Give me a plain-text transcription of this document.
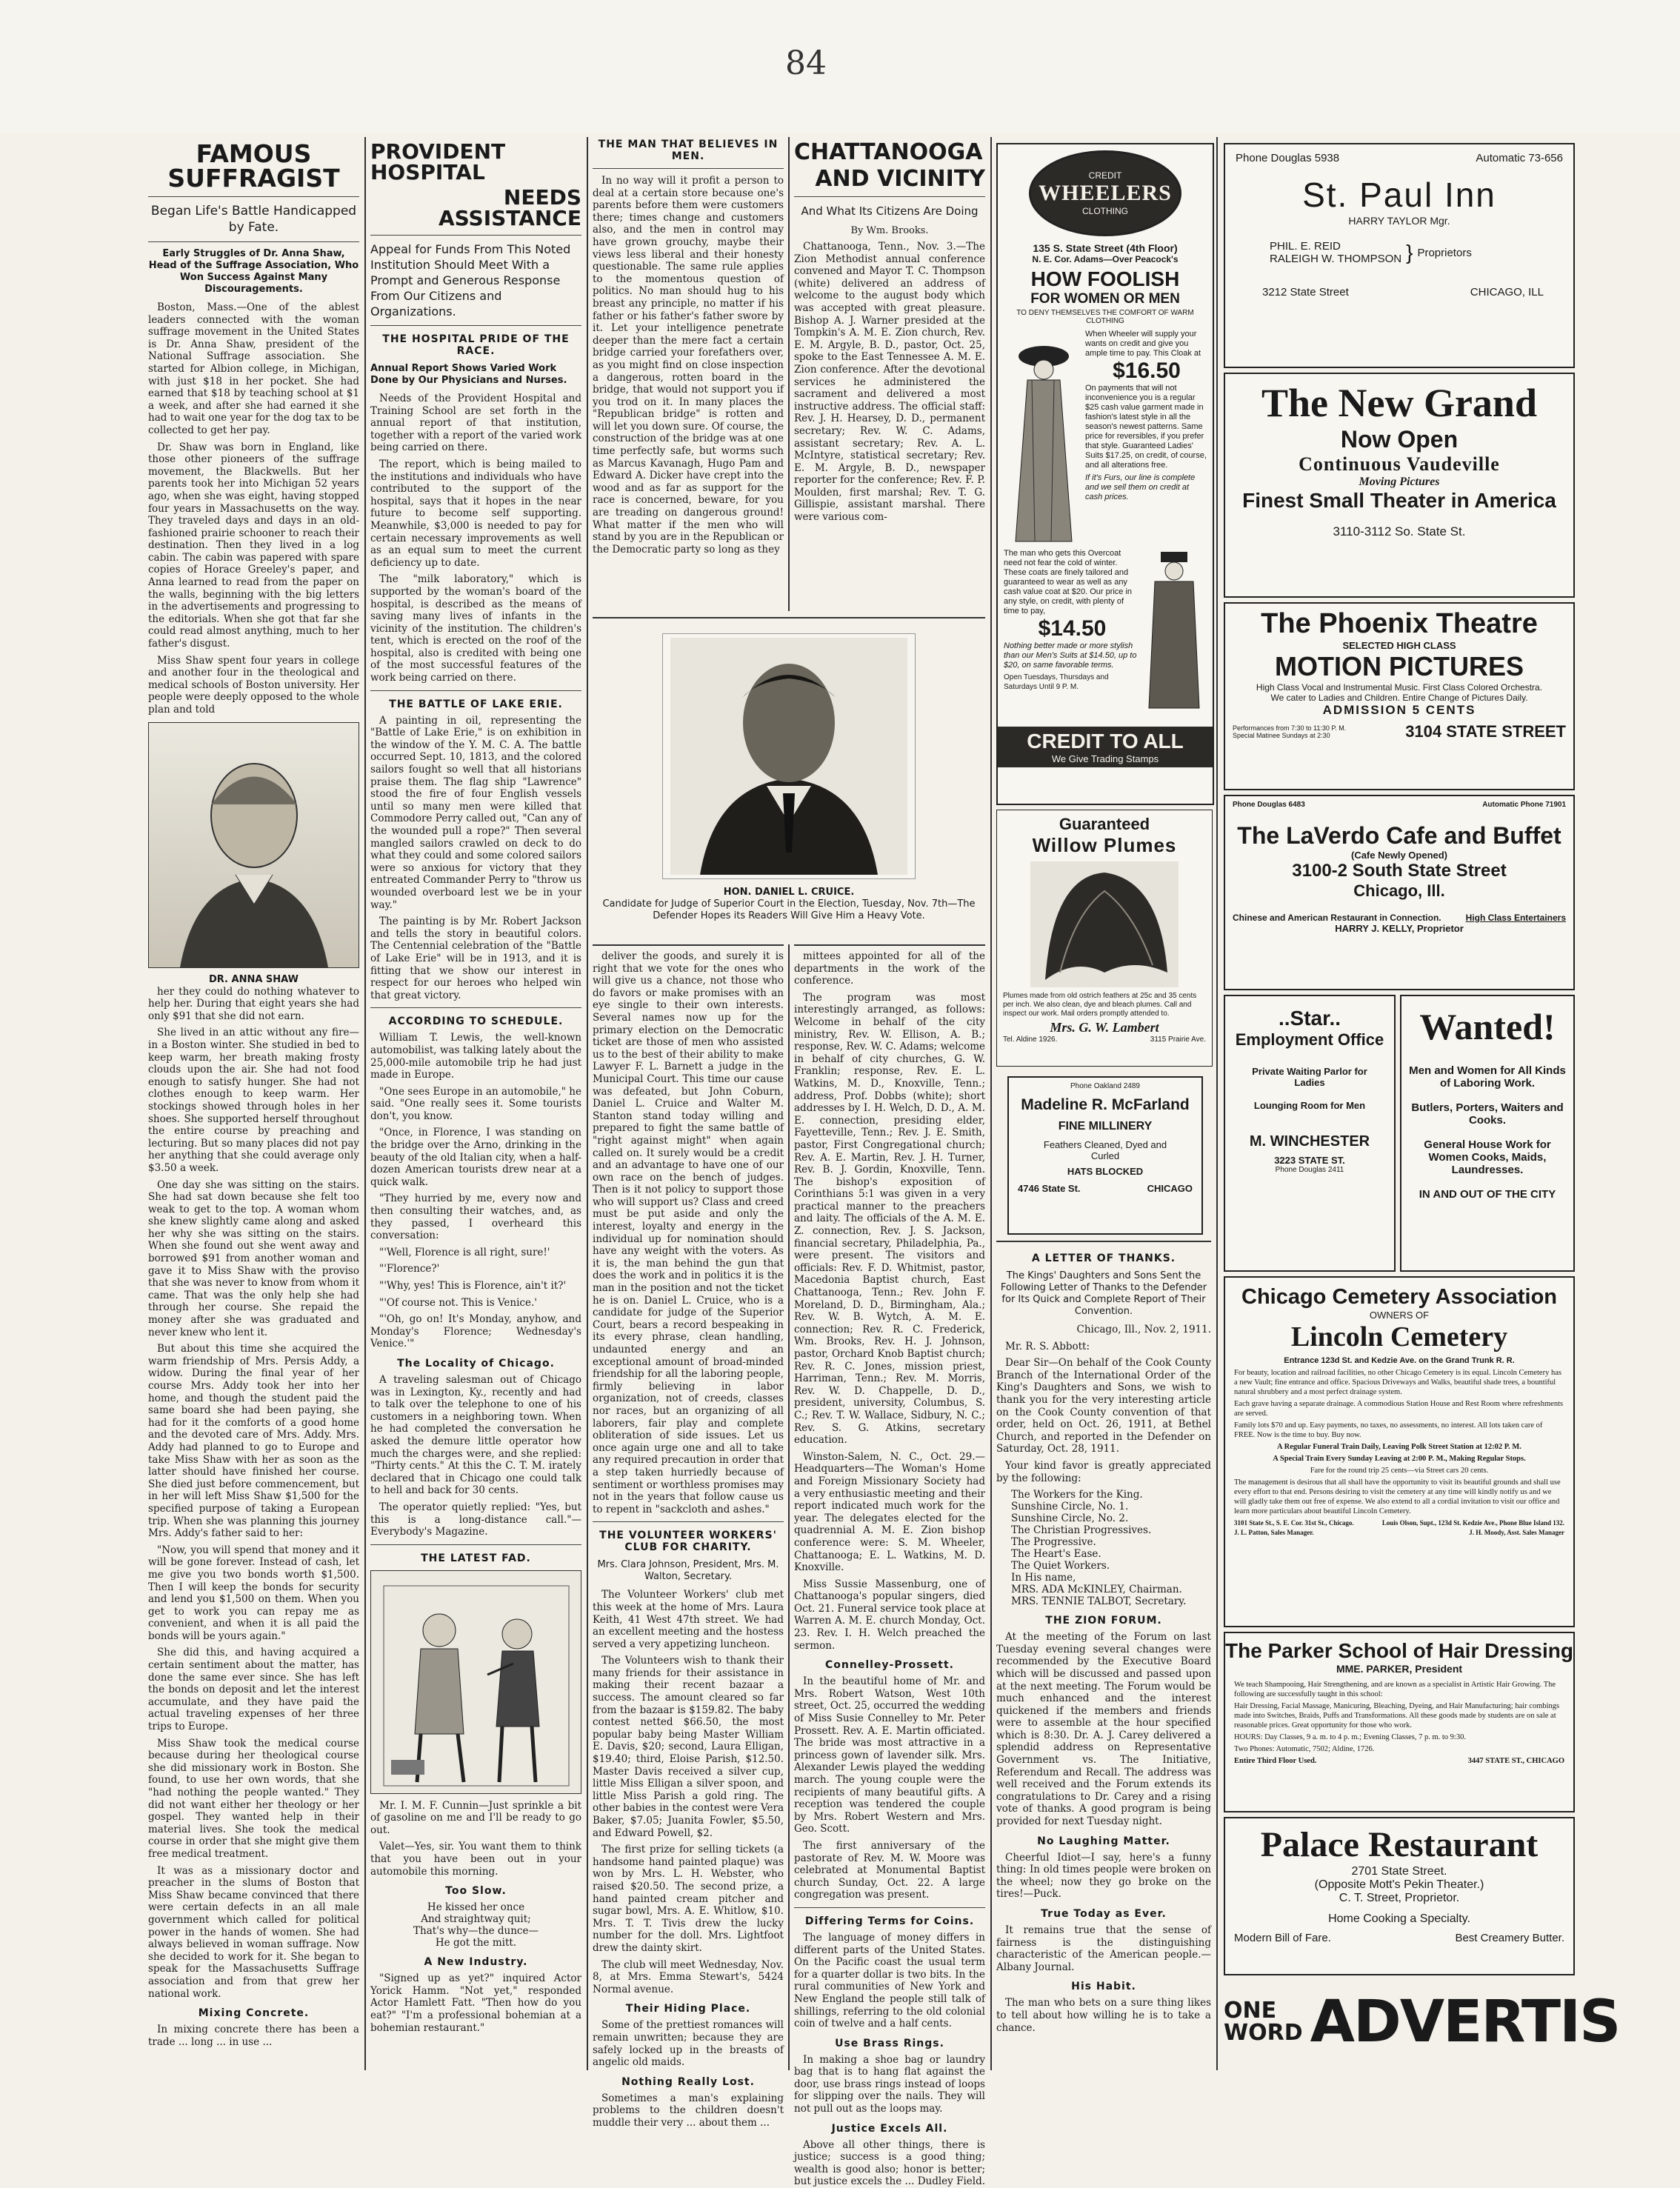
84
FAMOUS SUFFRAGIST
Began Life's Battle Handicapped by Fate.
Early Struggles of Dr. Anna Shaw, Head of the Suffrage Association, Who Won Success Against Many Discouragements.

Boston, Mass.—One of the ablest leaders connected with the woman suffrage movement in the United States is Dr. Anna Shaw, president of the National Suffrage association. She started for Albion college, in Michigan, with just $18 in her pocket. She had earned that $18 by teaching school at $1 a week, and after she had earned it she had to wait one year for the dog tax to be collected to get her pay.

Dr. Shaw was born in England, like those other pioneers of the suffrage movement, the Blackwells. But her parents took her into Michigan 52 years ago, when she was eight, having stopped four years in Massachusetts on the way. They traveled days and days in an old-fashioned prairie schooner to reach their destination. Then they lived in a log cabin. The cabin was papered with spare copies of Horace Greeley's paper, and Anna learned to read from the paper on the walls, beginning with the big letters in the advertisements and progressing to the editorials. When she got that far she could read almost anything, much to her father's disgust.

Miss Shaw spent four years in college and another four in the theological and medical schools of Boston university. Her people were deeply opposed to the whole plan and told

DR. ANNA SHAW

her they could do nothing whatever to help her. During that eight years she had only $91 that she did not earn.

She lived in an attic without any fire—in a Boston winter. She studied in bed to keep warm, her breath making frosty clouds upon the air. She had not food enough to satisfy hunger. She had not clothes enough to keep warm. Her stockings showed through holes in her shoes. She supported herself throughout the entire course by preaching and lecturing. But so many places did not pay her anything that she could average only $3.50 a week.

One day she was sitting on the stairs. She had sat down because she felt too weak to get to the top. A woman whom she knew slightly came along and asked her why she was sitting on the stairs. When she found out she went away and borrowed $91 from another woman and gave it to Miss Shaw with the proviso that she was never to know from whom it came. That was the only help she had through her course. She repaid the money after she was graduated and never knew who lent it.

But about this time she acquired the warm friendship of Mrs. Persis Addy, a widow. During the final year of her course Mrs. Addy took her into her home, and though the student paid the same board she had been paying, she had for it the comforts of a good home and the devoted care of Mrs. Addy. Mrs. Addy had planned to go to Europe and take Miss Shaw with her as soon as the latter should have finished her course. She died just before commencement, but in her will left Miss Shaw $1,500 for the specified purpose of taking a European trip. When she was planning this journey Mrs. Addy's father said to her:

"Now, you will spend that money and it will be gone forever. Instead of cash, let me give you two bonds worth $1,500. Then I will keep the bonds for security and lend you $1,500 on them. When you get to work you can repay me as convenient, and when it is all paid the bonds will be yours again."

She did this, and having acquired a certain sentiment about the matter, has done the same ever since. She has left the bonds on deposit and let the interest accumulate, and they have paid the actual traveling expenses of her three trips to Europe.

Miss Shaw took the medical course because during her theological course she did missionary work in Boston. She found, to use her own words, that she "had nothing the people wanted." They did not want either her theology or her gospel. They wanted help in their material lives. She took the medical course in order that she might give them free medical treatment.

It was as a missionary doctor and preacher in the slums of Boston that Miss Shaw became convinced that there were certain defects in an all male government which called for political power in the hands of women. She had always believed in woman suffrage. Now she decided to work for it. She began to speak for the Massachusetts Suffrage association and from that grew her national work.

Mixing Concrete.

In mixing concrete there has been a trade ... long ... in use ...

PROVIDENT HOSPITAL
NEEDS ASSISTANCE
Appeal for Funds From This Noted Institution Should Meet With a Prompt and Generous Response From Our Citizens and Organizations.
THE HOSPITAL PRIDE OF THE RACE.
Annual Report Shows Varied Work Done by Our Physicians and Nurses.

Needs of the Provident Hospital and Training School are set forth in the annual report of that institution, together with a report of the varied work being carried on there.

The report, which is being mailed to the institutions and individuals who have contributed to the support of the hospital, says that it hopes in the near future to become self supporting. Meanwhile, $3,000 is needed to pay for certain necessary improvements as well as an equal sum to meet the current deficiency up to date.

The "milk laboratory," which is supported by the woman's board of the hospital, is described as the means of saving many lives of infants in the vicinity of the institution. The children's tent, which is erected on the roof of the hospital, also is credited with being one of the most successful features of the work being carried on there.

THE BATTLE OF LAKE ERIE.

A painting in oil, representing the "Battle of Lake Erie," is on exhibition in the window of the Y. M. C. A. The battle occurred Sept. 10, 1813, and the colored sailors fought so well that all historians praise them. The flag ship "Lawrence" stood the fire of four English vessels until so many men were killed that Commodore Perry called out, "Can any of the wounded pull a rope?" Then several mangled sailors crawled on deck to do what they could and some colored sailors were so anxious for victory that they entreated Commander Perry to "throw us wounded overboard lest we be in your way."

The painting is by Mr. Robert Jackson and tells the story in beautiful colors. The Centennial celebration of the "Battle of Lake Erie" will be in 1913, and it is fitting that we show our interest in respect for our heroes who helped win that great victory.

ACCORDING TO SCHEDULE.

William T. Lewis, the well-known automobilist, was talking lately about the 25,000-mile automobile trip he had just made in Europe.

"One sees Europe in an automobile," he said. "One really sees it. Some tourists don't, you know.

"Once, in Florence, I was standing on the bridge over the Arno, drinking in the beauty of the old Italian city, when a half-dozen American tourists drew near at a quick walk.

"They hurried by me, every now and then consulting their watches, and, as they passed, I overheard this conversation:

"'Well, Florence is all right, sure!'

"'Florence?'

"'Why, yes! This is Florence, ain't it?'

"'Of course not. This is Venice.'

"'Oh, go on! It's Monday, anyhow, and Monday's Florence; Wednesday's Venice.'"

The Locality of Chicago.

A traveling salesman out of Chicago was in Lexington, Ky., recently and had to talk over the telephone to one of his customers in a neighboring town. When he had completed the conversation he asked the demure little operator how much the charges were, and she replied: "Thirty cents." At this the C. T. M. irately declared that in Chicago one could talk to hell and back for 30 cents.

The operator quietly replied: "Yes, but this is a long-distance call."—Everybody's Magazine.

THE LATEST FAD.

Mr. I. M. F. Cunnin—Just sprinkle a bit of gasoline on me and I'll be ready to go out.

Valet—Yes, sir. You want them to think that you have been out in your automobile this morning.

Too Slow.
He kissed her once
And straightway quit;
That's why—the dunce—
He got the mitt.
A New Industry.

"Signed up as yet?" inquired Actor Yorick Hamm. "Not yet," responded Actor Hamlett Fatt. "Then how do you eat?" "I'm a professional bohemian at a bohemian restaurant."

THE MAN THAT BELIEVES IN MEN.

In no way will it profit a person to deal at a certain store because one's parents before them were customers there; times change and customers also, and the men in control may have grown grouchy, maybe their views less liberal and their honesty questionable. The same rule applies to the momentous question of politics. No man should hug to his breast any principle, no matter if his father or his father's father swore by it. Let your intelligence penetrate deeper than the mere fact a certain bridge carried your forefathers over, as you might find on close inspection a dangerous, rotten board in the bridge, that would not support you if you trod on it. In many places the "Republican bridge" is rotten and will let you down sure. Of course, the construction of the bridge was at one time perfectly safe, but worms such as Marcus Kavanagh, Hugo Pam and Edward A. Dicker have crept into the wood and as far as support for the race is concerned, beware, for you are treading on dangerous ground! What matter if the men who will stand by you are in the Republican or the Democratic party so long as they

CHATTANOOGA
AND VICINITY
And What Its Citizens Are Doing
By Wm. Brooks.

Chattanooga, Tenn., Nov. 3.—The Zion Methodist annual conference convened and Mayor T. C. Thompson (white) delivered an address of welcome to the august body which was accepted with great pleasure. Bishop A. J. Warner presided at the Tompkin's A. M. E. Zion church, Rev. E. M. Argyle, B. D., pastor, Oct. 25, spoke to the East Tennessee A. M. E. Zion conference. After the devotional services he administered the sacrament and delivered a most instructive address. The official staff: Rev. J. H. Hearsey, D. D., permanent secretary; Rev. W. C. Adams, assistant secretary; Rev. A. L. McIntyre, statistical secretary; Rev. E. M. Argyle, B. D., newspaper reporter for the conference; Rev. F. P. Moulden, first marshal; Rev. T. G. Gillispie, assistant marshal. There were various com-

HON. DANIEL L. CRUICE.
Candidate for Judge of Superior Court in the Election, Tuesday, Nov. 7th—The Defender Hopes its Readers Will Give Him a Heavy Vote.

deliver the goods, and surely it is right that we vote for the ones who will give us a chance, not those who do favors or make promises with an eye single to their own interests. Several names now up for the primary election on the Democratic ticket are those of men who assisted us to the best of their ability to make Lawyer F. L. Barnett a judge in the Municipal Court. This time our cause was defeated, but John Coburn, Daniel L. Cruice and Walter M. Stanton stand today willing and prepared to fight the same battle of "right against might" when again called on. It surely would be a credit and an advantage to have one of our own race on the bench of judges. Then is it not policy to support those who will support us? Class and creed must be put aside and only the interest, loyalty and energy in the individual up for nomination should have any weight with the voters. As it is, the man behind the gun that does the work and in politics it is the man in the position and not the ticket he is on. Daniel L. Cruice, who is a candidate for judge of the Superior Court, bears a record bespeaking in its every phrase, clean handling, undaunted energy and an exceptional amount of broad-minded friendship for all the laboring people, firmly believing in labor organization, not of creeds, classes nor races, but an organizing of all laborers, fair play and complete obliteration of side issues. Let us once again urge one and all to take any required precaution in order that a step taken hurriedly because of sentiment or worthless promises may not in the years that follow cause us to repent in "sackcloth and ashes."

THE VOLUNTEER WORKERS' CLUB FOR CHARITY.
Mrs. Clara Johnson, President, Mrs. M. Walton, Secretary.

The Volunteer Workers' club met this week at the home of Mrs. Laura Keith, 41 West 47th street. We had an excellent meeting and the hostess served a very appetizing luncheon.

The Volunteers wish to thank their many friends for their assistance in making their recent bazaar a success. The amount cleared so far from the bazaar is $159.82. The baby contest netted $66.50, the most popular baby being Master William E. Davis, $20; second, Laura Elligan, $19.40; third, Eloise Parish, $12.50. Master Davis received a silver cup, little Miss Elligan a silver spoon, and little Miss Parish a gold ring. The other babies in the contest were Vera Baker, $7.05; Juanita Fowler, $5.50, and Edward Powell, $2.

The first prize for selling tickets (a handsome hand painted plaque) was won by Mrs. L. H. Webster, who raised $20.50. The second prize, a hand painted cream pitcher and sugar bowl, Mrs. A. E. Whitlow, $10. Mrs. T. T. Tivis drew the lucky number for the doll. Mrs. Lightfoot drew the dainty skirt.

The club will meet Wednesday, Nov. 8, at Mrs. Emma Stewart's, 5424 Normal avenue.

Their Hiding Place.

Some of the prettiest romances will remain unwritten; because they are safely locked up in the breasts of angelic old maids.

Nothing Really Lost.

Sometimes a man's explaining problems to the children doesn't muddle their very ... about them ...

mittees appointed for all of the departments in the work of the conference.

The program was most interestingly arranged, as follows: Welcome in behalf of the city ministry, Rev. W. Ellison, A. B.; response, Rev. W. C. Adams; welcome in behalf of city churches, G. W. Franklin; response, Rev. E. L. Watkins, M. D., Knoxville, Tenn.; address, Prof. Dobbs (white); short addresses by I. H. Welch, D. D., A. M. E. connection, presiding elder, Fayetteville, Tenn.; Rev. J. E. Smith, pastor, First Congregational church; Rev. A. E. Martin, Rev. J. H. Turner, Rev. B. J. Gordin, Knoxville, Tenn. The bishop's exposition of Corinthians 5:1 was given in a very practical manner to the preachers and laity. The officials of the A. M. E. Z. connection, Rev. J. S. Jackson, financial secretary, Philadelphia, Pa., were present. The visitors and officials: Rev. F. D. Whitmist, pastor, Macedonia Baptist church, East Chattanooga, Tenn.; Rev. John F. Moreland, D. D., Birmingham, Ala.; Rev. W. B. Wytch, A. M. E. connection; Rev. R. C. Frederick, Wm. Brooks, Rev. H. J. Johnson, pastor, Orchard Knob Baptist church; Rev. R. C. Jones, mission priest, Harriman, Tenn.; Rev. M. Morris, Rev. W. D. Chappelle, D. D., president, university, Columbus, S. C.; Rev. T. W. Wallace, Sidbury, N. C.; Rev. S. G. Atkins, secretary education.

Winston-Salem, N. C., Oct. 29.—Headquarters—The Woman's Home and Foreign Missionary Society had a very enthusiastic meeting and their report indicated much work for the year. The delegates elected for the quadrennial A. M. E. Zion bishop conference were: S. M. Wheeler, Chattanooga; E. L. Watkins, M. D. Knoxville.

Miss Sussie Massenburg, one of Chattanooga's popular singers, died Oct. 21. Funeral service took place at Warren A. M. E. church Monday, Oct. 23. Rev. I. H. Welch preached the sermon.

Connelley-Prossett.

In the beautiful home of Mr. and Mrs. Robert Watson, West 10th street, Oct. 25, occurred the wedding of Miss Susie Connelley to Mr. Peter Prossett. Rev. A. E. Martin officiated. The bride was most attractive in a princess gown of lavender silk. Mrs. Alexander Lewis played the wedding march. The young couple were the recipients of many beautiful gifts. A reception was tendered the couple by Mrs. Robert Western and Mrs. Geo. Scott.

The first anniversary of the pastorate of Rev. M. W. Moore was celebrated at Monumental Baptist church Sunday, Oct. 22. A large congregation was present.

Differing Terms for Coins.

The language of money differs in different parts of the United States. On the Pacific coast the usual term for a quarter dollar is two bits. In the rural communities of New York and New England the people still talk of shillings, referring to the old colonial coin of twelve and a half cents.

Use Brass Rings.

In making a shoe bag or laundry bag that is to hang flat against the door, use brass rings instead of loops for slipping over the nails. They will not pull out as the loops may.

Justice Excels All.

Above all other things, there is justice; success is a good thing; wealth is good also; honor is better; but justice excels the ... Dudley Field.

CREDIT
WHEELERS
CLOTHING
135 S. State Street (4th Floor)
N. E. Cor. Adams—Over Peacock's
HOW FOOLISH
FOR WOMEN OR MEN
TO DENY THEMSELVES THE COMFORT OF WARM CLOTHING
When Wheeler will supply your wants on credit and give you ample time to pay. This Cloak at
$16.50
On payments that will not inconvenience you is a regular $25 cash value garment made in fashion's latest style in all the season's newest patterns. Same price for reversibles, if you prefer that style. Guaranteed Ladies' Suits $17.25, on credit, of course, and all alterations free.
If it's Furs, our line is complete and we sell them on credit at cash prices.
The man who gets this Overcoat need not fear the cold of winter. These coats are finely tailored and guaranteed to wear as well as any cash value coat at $20. Our price in any style, on credit, with plenty of time to pay,
$14.50
Nothing better made or more stylish than our Men's Suits at $14.50, up to $20, on same favorable terms.
Open Tuesdays, Thursdays and Saturdays Until 9 P. M.
CREDIT TO ALL
We Give Trading Stamps
Guaranteed
Willow Plumes
Plumes made from old ostrich feathers at 25c and 35 cents per inch. We also clean, dye and bleach plumes. Call and inspect our work. Mail orders promptly attended to.
Mrs. G. W. Lambert
Tel. Aldine 1926.	3115 Prairie Ave.
Phone Oakland 2489
Madeline R. McFarland
FINE MILLINERY
Feathers Cleaned, Dyed and Curled
HATS BLOCKED
4746 State St.	CHICAGO
A LETTER OF THANKS.
The Kings' Daughters and Sons Sent the Following Letter of Thanks to the Defender for Its Quick and Complete Report of Their Convention.

Chicago, Ill., Nov. 2, 1911.

Mr. R. S. Abbott:

Dear Sir—On behalf of the Cook County Branch of the International Order of the King's Daughters and Sons, we wish to thank you for the very interesting article on the Cook County convention of that order, held on Oct. 26, 1911, at Bethel Church, and reported in the Defender on Saturday, Oct. 28, 1911.

Your kind favor is greatly appreciated by the following:

The Workers for the King.
Sunshine Circle, No. 1.
Sunshine Circle, No. 2.
The Christian Progressives.
The Progressive.
The Heart's Ease.
The Quiet Workers.
In His name,
MRS. ADA McKINLEY, Chairman.
MRS. TENNIE TALBOT, Secretary.
THE ZION FORUM.

At the meeting of the Forum on last Tuesday evening several changes were recommended by the Executive Board which will be discussed and passed upon at the next meeting. The Forum would be much enhanced and the interest quickened if the members and friends were to assemble at the hour specified which is 8:30. Dr. A. J. Carey delivered a splendid address on Representative Government vs. The Initiative, Referendum and Recall. The address was well received and the Forum extends its congratulations to Dr. Carey and a rising vote of thanks. A good program is being provided for next Tuesday night.

No Laughing Matter.

Cheerful Idiot—I say, here's a funny thing: In old times people were broken on the wheel; now they go broke on the tires!—Puck.

True Today as Ever.

It remains true that the sense of fairness is the distinguishing characteristic of the American people.—Albany Journal.

His Habit.

The man who bets on a sure thing likes to tell about how willing he is to take a chance.

Phone Douglas 5938	Automatic 73-656
St. Paul Inn
HARRY TAYLOR Mgr.
PHIL. E. REID
RALEIGH W. THOMPSON } Proprietors
3212 State Street	CHICAGO, ILL
The New Grand
Now Open
Continuous Vaudeville
Moving Pictures
Finest Small Theater in America
3110-3112 So. State St.
The Phoenix Theatre
SELECTED HIGH CLASS
MOTION PICTURES
High Class Vocal and Instrumental Music. First Class Colored Orchestra.
We cater to Ladies and Children. Entire Change of Pictures Daily.
ADMISSION 5 CENTS
Performances from 7:30 to 11:30 P. M. Special Matinee Sundays at 2:30	3104 STATE STREET
Phone Douglas 6483	Automatic Phone 71901
The LaVerdo Cafe and Buffet
(Cafe Newly Opened)
3100-2 South State Street
Chicago, Ill.
Chinese and American Restaurant in Connection.	High Class Entertainers
HARRY J. KELLY, Proprietor
..Star..
Employment Office
Private Waiting Parlor for Ladies
Lounging Room for Men
M. WINCHESTER
3223 STATE ST.
Phone Douglas 2411
Wanted!
Men and Women for All Kinds of Laboring Work.
Butlers, Porters, Waiters and Cooks.
General House Work for Women Cooks, Maids, Laundresses.
IN AND OUT OF THE CITY
Chicago Cemetery Association
OWNERS OF
Lincoln Cemetery
Entrance 123d St. and Kedzie Ave. on the Grand Trunk R. R.

For beauty, location and railroad facilities, no other Chicago Cemetery is its equal. Lincoln Cemetery has a new Vault; fine entrance and office. Spacious Driveways and Walks, beautiful shade trees, a bountiful natural shrubbery and a most perfect drainage system.

Each grave having a separate drainage. A commodious Station House and Rest Room where refreshments are served.

Family lots $70 and up. Easy payments, no taxes, no assessments, no interest. All lots taken care of FREE. Now is the time to buy. Buy now.

A Regular Funeral Train Daily, Leaving Polk Street Station at 12:02 P. M.

A Special Train Every Sunday Leaving at 2:00 P. M., Making Regular Stops.

Fare for the round trip 25 cents—via Street cars 20 cents.

The management is desirous that all shall have the opportunity to visit its beautiful grounds and shall use every effort to that end. Persons desiring to visit the cemetery at any time will kindly notify us and we will gladly take them out free of expense. We also extend to all a cordial invitation to visit our office and learn more particulars about beautiful Lincoln Cemetery.

3101 State St., S. E. Cor. 31st St., Chicago.	Louis Olson, Supt., 123d St. Kedzie Ave., Phone Blue Island 132.
J. L. Patton, Sales Manager.	J. H. Moody, Asst. Sales Manager
The Parker School of Hair Dressing
MME. PARKER, President

We teach Shampooing, Hair Strengthening, and are known as a specialist in Artistic Hair Growing. The following are successfully taught in this school:

Hair Dressing, Facial Massage, Manicuring, Bleaching, Dyeing, and Hair Manufacturing; hair combings made into Switches, Braids, Puffs and Transformations. All these goods made by students are on sale at reasonable prices. Great opportunity for those who work.

HOURS: Day Classes, 9 a. m. to 4 p. m.; Evening Classes, 7 p. m. to 9:30.

Two Phones: Automatic, 7502; Aldine, 1726.

Entire Third Floor Used.	3447 STATE ST., CHICAGO
Palace Restaurant
2701 State Street.
(Opposite Mott's Pekin Theater.)
C. T. Street, Proprietor.
Home Cooking a Specialty.
Modern Bill of Fare.	Best Creamery Butter.
ONE
WORD ADVERTIS
